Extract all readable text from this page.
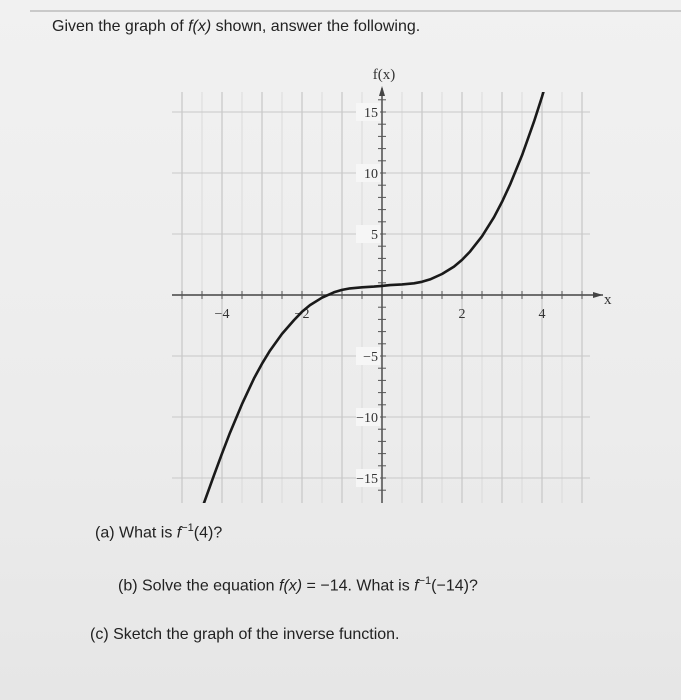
Given the graph of f(x) shown, answer the following.
−4	−2	2	4
15
10
5
−5
−10
−15
f(x)
x
(a) What is $f^{-1}(4)$?
(b) Solve the equation f(x) = −14. What is $f^{-1}(-14)$?
(c) Sketch the graph of the inverse function.
